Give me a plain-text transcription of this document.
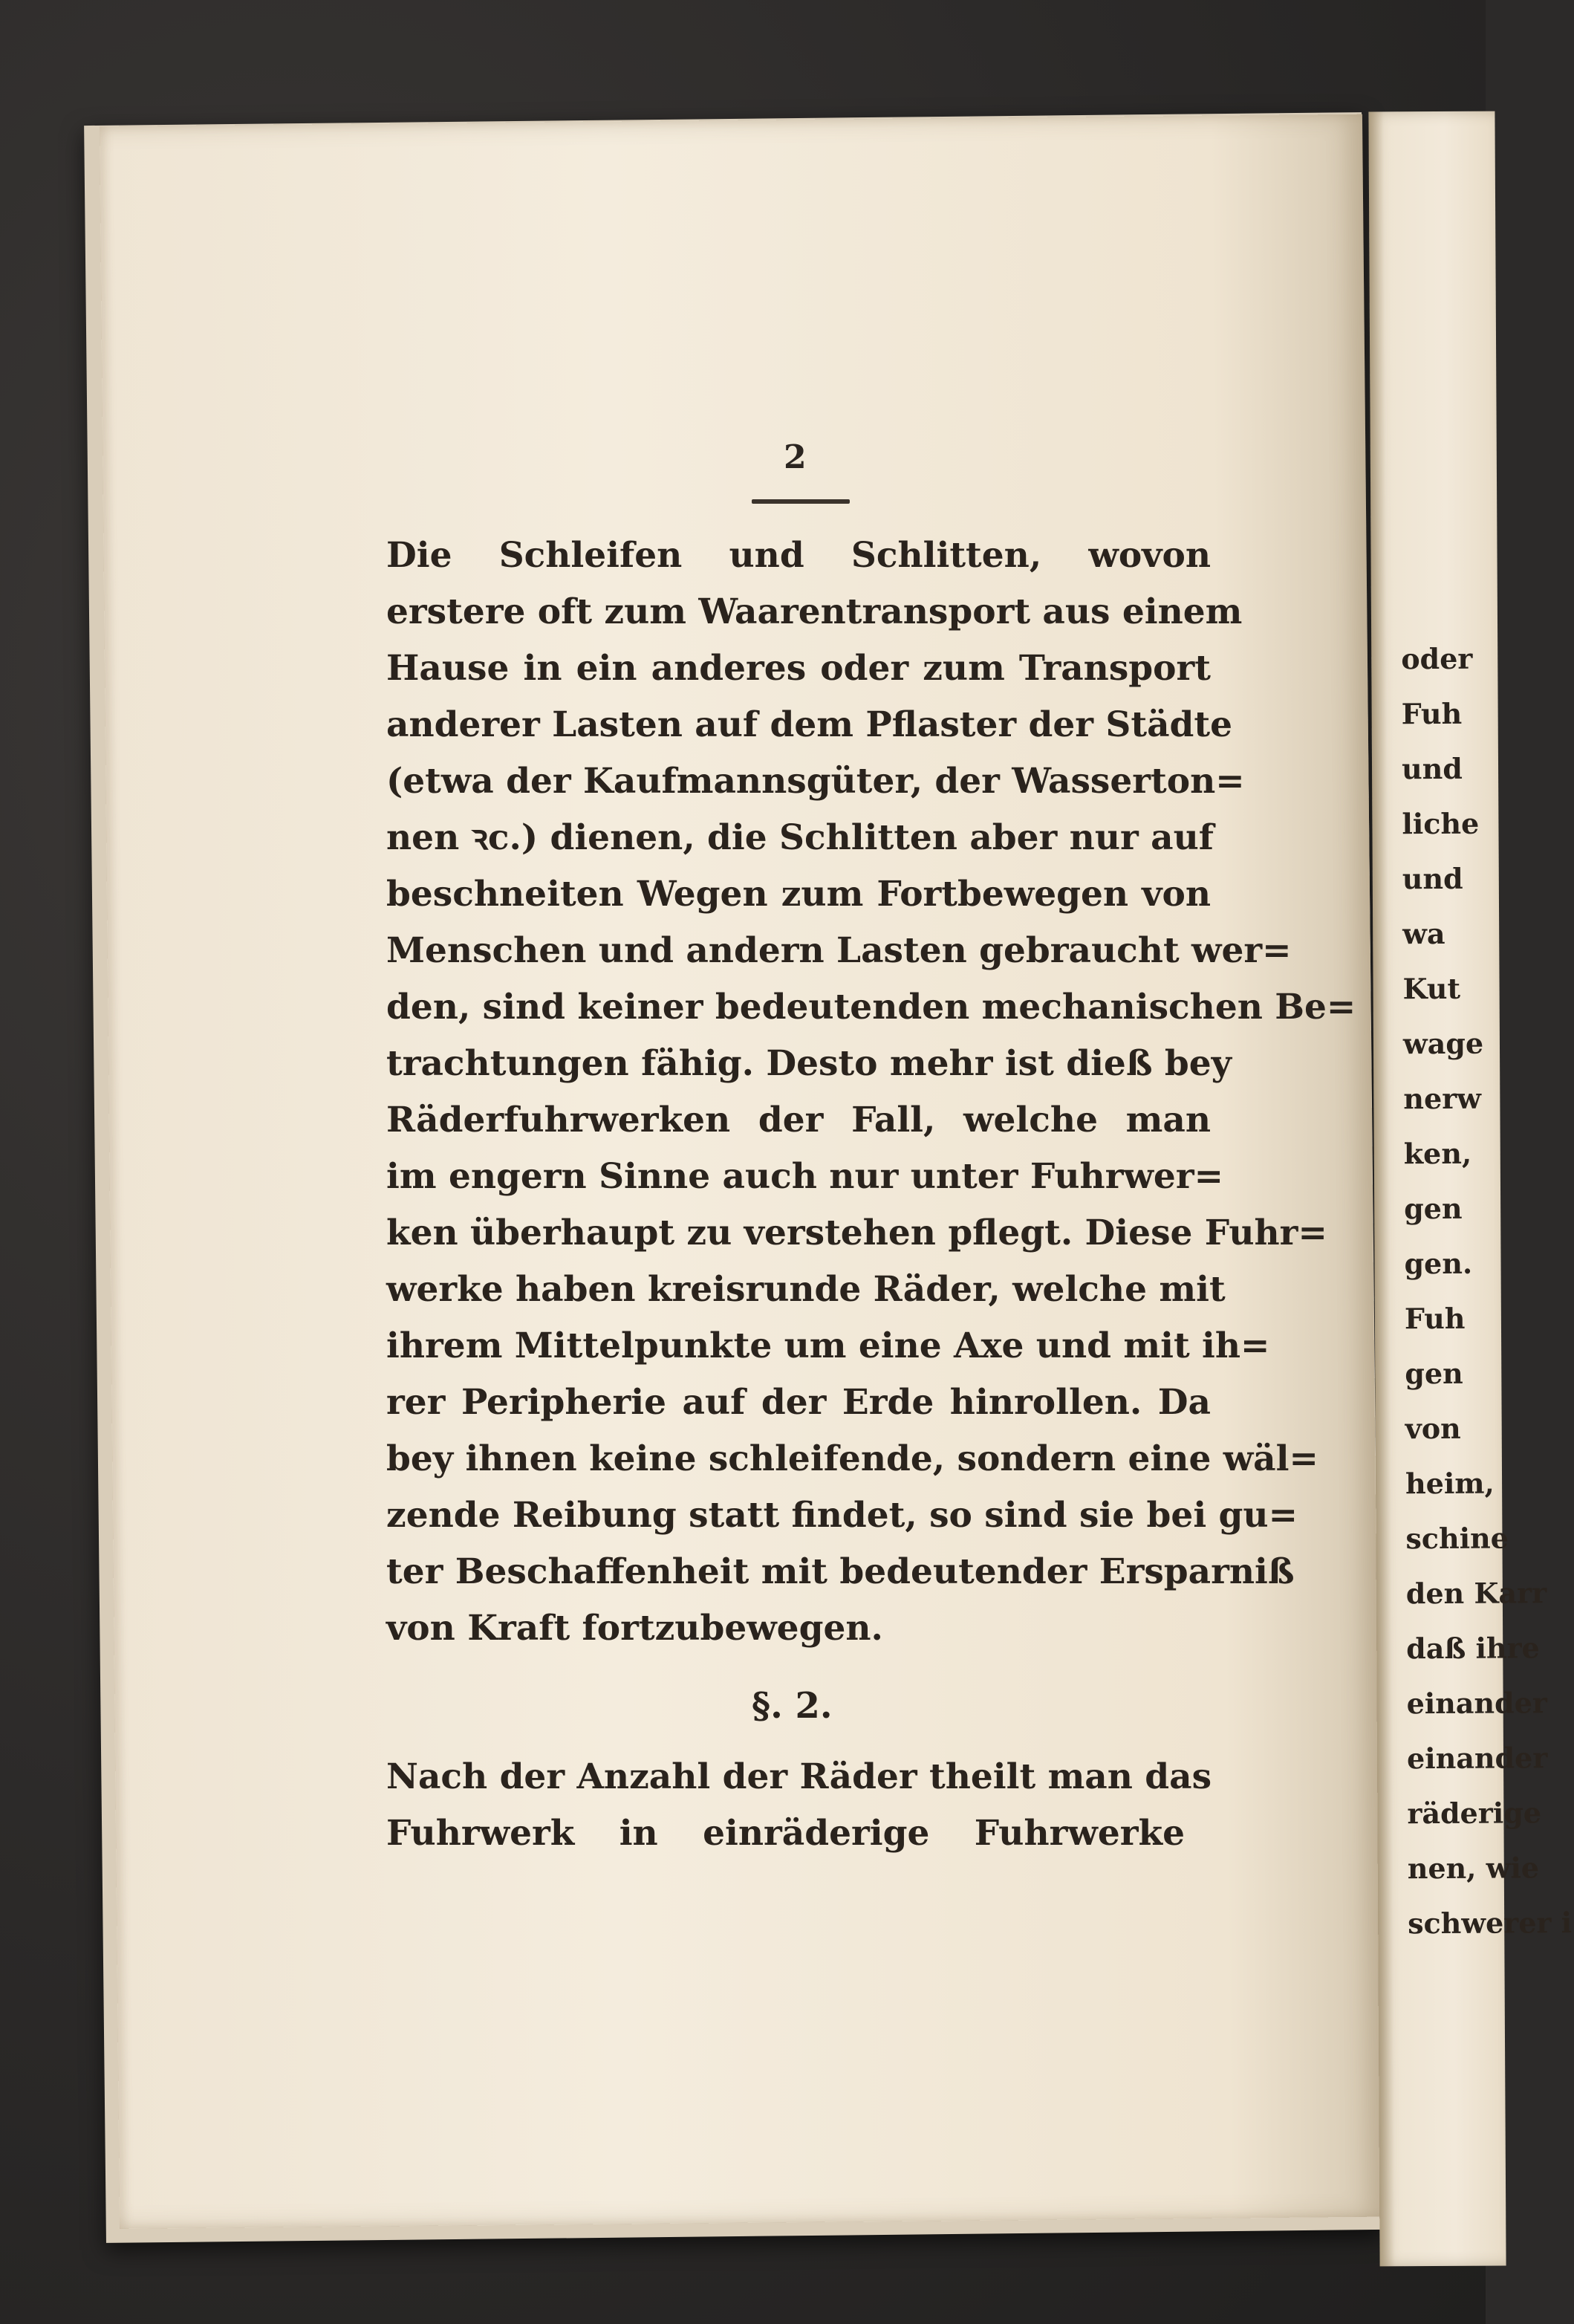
2
Die Schleifen und Schlitten, wovon
erstere oft zum Waarentransport aus einem
Hause in ein anderes oder zum Transport
anderer Lasten auf dem Pflaster der Städte
(etwa der Kaufmannsgüter, der Wasserton=
nen ꝛc.) dienen, die Schlitten aber nur auf
beschneiten Wegen zum Fortbewegen von
Menschen und andern Lasten gebraucht wer=
den, sind keiner bedeutenden mechanischen Be=
trachtungen fähig. Desto mehr ist dieß bey
Räderfuhrwerken der Fall, welche man
im engern Sinne auch nur unter Fuhrwer=
ken überhaupt zu verstehen pflegt. Diese Fuhr=
werke haben kreisrunde Räder, welche mit
ihrem Mittelpunkte um eine Axe und mit ih=
rer Peripherie auf der Erde hinrollen. Da
bey ihnen keine schleifende, sondern eine wäl=
zende Reibung statt findet, so sind sie bei gu=
ter Beschaffenheit mit bedeutender Ersparniß
von Kraft fortzubewegen.
§. 2.
Nach der Anzahl der Räder theilt man das
Fuhrwerk in einräderige Fuhrwerke
oder
Fuh
und
liche
und
wa
Kut
wage
nerw
ken,
gen
gen.
Fuh
gen
von
heim,
schine
den Karr
daß ihre
einander
einander
räderige
nen, wie
schwerer i
